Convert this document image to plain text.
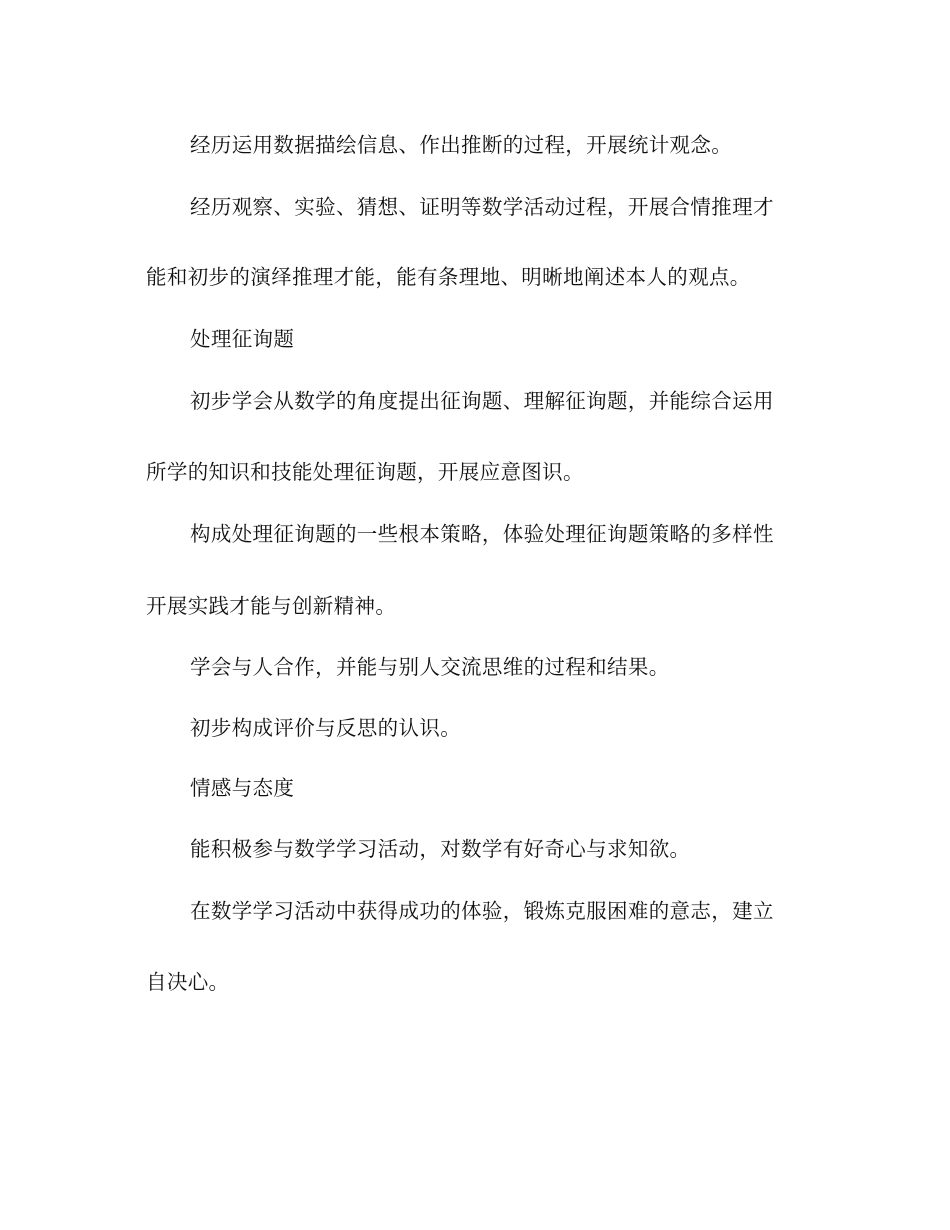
经历运用数据描绘信息、作出推断的过程，开展统计观念。

经历观察、实验、猜想、证明等数学活动过程，开展合情推理才

能和初步的演绎推理才能，能有条理地、明晰地阐述本人的观点。

处理征询题

初步学会从数学的角度提出征询题、理解征询题，并能综合运用

所学的知识和技能处理征询题，开展应意图识。

构成处理征询题的一些根本策略，体验处理征询题策略的多样性

开展实践才能与创新精神。

学会与人合作，并能与别人交流思维的过程和结果。

初步构成评价与反思的认识。

情感与态度

能积极参与数学学习活动，对数学有好奇心与求知欲。

在数学学习活动中获得成功的体验，锻炼克服困难的意志，建立

自决心。
